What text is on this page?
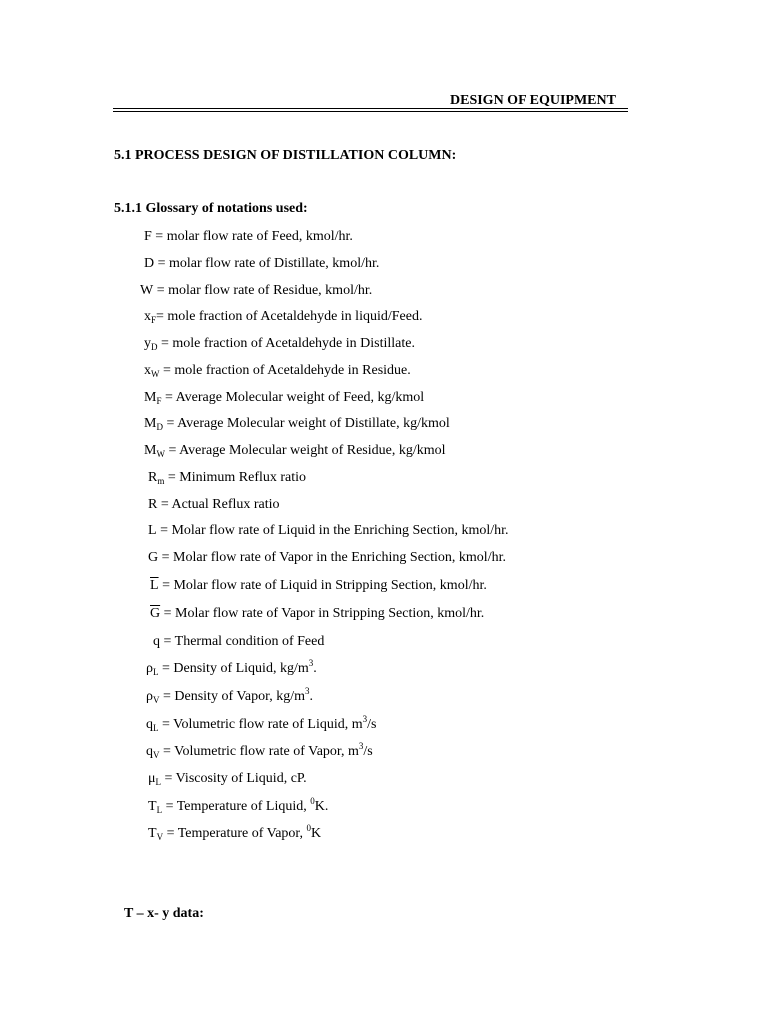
DESIGN OF EQUIPMENT
5.1 PROCESS DESIGN OF DISTILLATION COLUMN:
5.1.1 Glossary of notations used:
F = molar flow rate of Feed, kmol/hr.
D = molar flow rate of Distillate, kmol/hr.
W = molar flow rate of Residue, kmol/hr.
$x_F=$ mole fraction of Acetaldehyde in liquid/Feed.
$y_D$ = mole fraction of Acetaldehyde in Distillate.
$x_W$ = mole fraction of Acetaldehyde in Residue.
$M_F$ = Average Molecular weight of Feed, kg/kmol
$M_D$ = Average Molecular weight of Distillate, kg/kmol
$M_W$ = Average Molecular weight of Residue, kg/kmol
$R_m$ = Minimum Reflux ratio
R = Actual Reflux ratio
L = Molar flow rate of Liquid in the Enriching Section, kmol/hr.
G = Molar flow rate of Vapor in the Enriching Section, kmol/hr.
$\overline{L}$ = Molar flow rate of Liquid in Stripping Section, kmol/hr.
$\overline{G}$ = Molar flow rate of Vapor in Stripping Section, kmol/hr.
q = Thermal condition of Feed
$\rho_L$ = Density of Liquid, $kg/m^3$.
$\rho_V$ = Density of Vapor, $kg/m^3$.
$q_L$ = Volumetric flow rate of Liquid, $m^3/s$
$q_V$ = Volumetric flow rate of Vapor, $m^3/s$
$\mu_L$ = Viscosity of Liquid, cP.
$T_L$ = Temperature of Liquid, $^0$K.
$T_V$ = Temperature of Vapor, $^0$K
T – x- y data:
